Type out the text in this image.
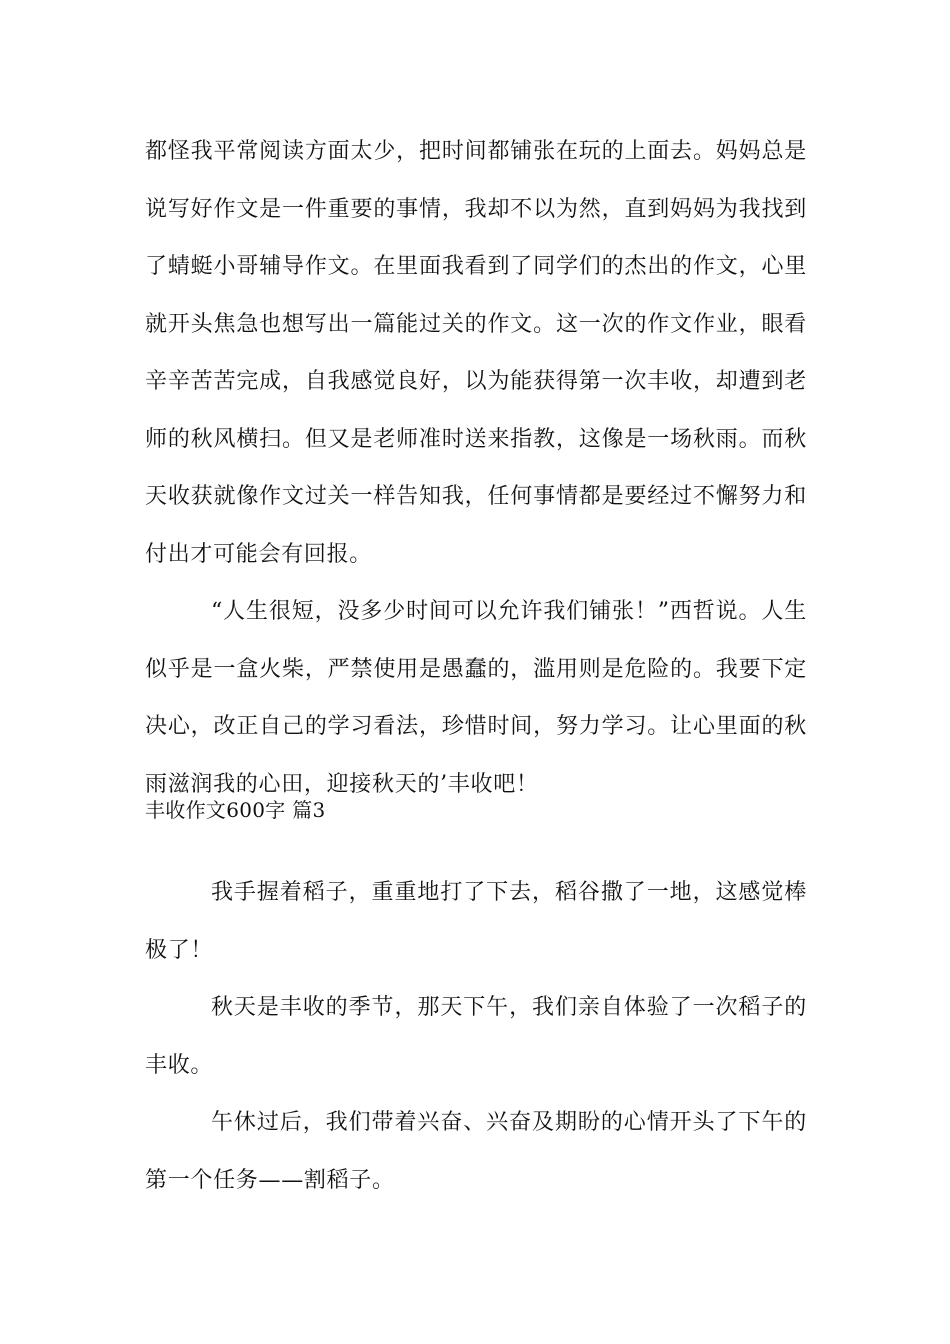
都怪我平常阅读方面太少，把时间都铺张在玩的上面去。妈妈总是说写好作文是一件重要的事情，我却不以为然，直到妈妈为我找到了蜻蜓小哥辅导作文。在里面我看到了同学们的杰出的作文，心里就开头焦急也想写出一篇能过关的作文。这一次的作文作业，眼看辛辛苦苦完成，自我感觉良好，以为能获得第一次丰收，却遭到老师的秋风横扫。但又是老师准时送来指教，这像是一场秋雨。而秋天收获就像作文过关一样告知我，任何事情都是要经过不懈努力和付出才可能会有回报。

“人生很短，没多少时间可以允许我们铺张！”西哲说。人生似乎是一盒火柴，严禁使用是愚蠢的，滥用则是危险的。我要下定决心，改正自己的学习看法，珍惜时间，努力学习。让心里面的秋雨滋润我的心田，迎接秋天的’丰收吧！

丰收作文600字 篇3

我手握着稻子，重重地打了下去，稻谷撒了一地，这感觉棒极了！

秋天是丰收的季节，那天下午，我们亲自体验了一次稻子的丰收。

午休过后，我们带着兴奋、兴奋及期盼的心情开头了下午的第一个任务——割稻子。
